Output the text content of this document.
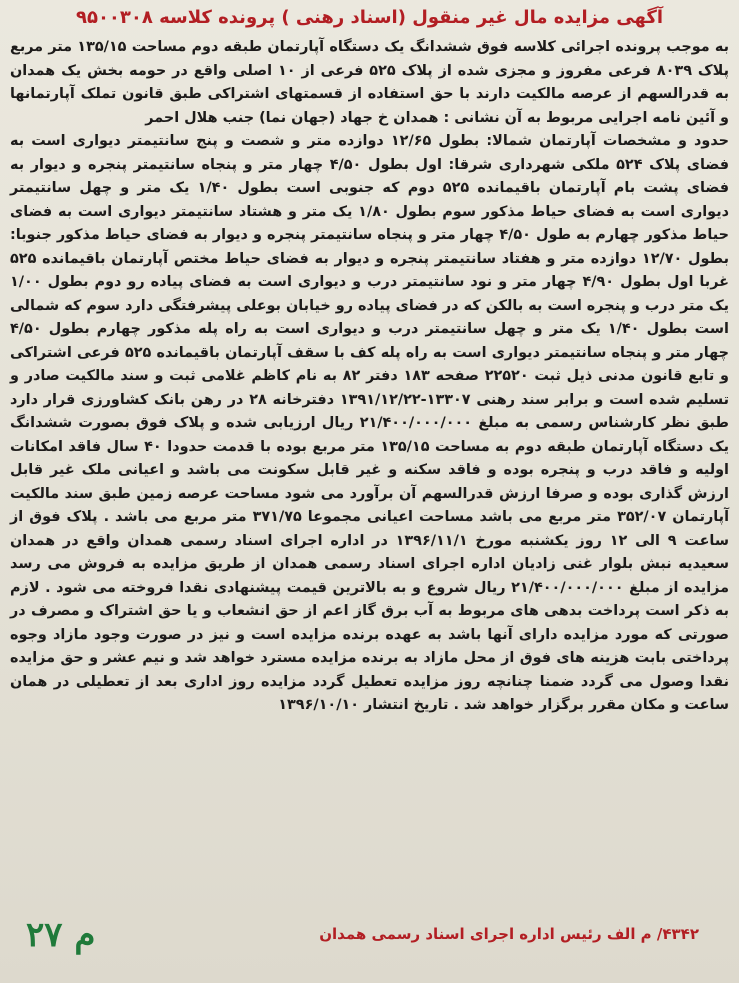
آگهی مزایده مال غیر منقول (اسناد رهنی ) پرونده کلاسه ۹۵۰۰۳۰۸

به موجب پرونده اجرائی کلاسه فوق ششدانگ یک دستگاه آپارتمان طبقه دوم مساحت ۱۳۵/۱۵ متر مربع پلاک ۸۰۳۹ فرعی مفروز و مجزی شده از پلاک ۵۲۵ فرعی از ۱۰ اصلی واقع در حومه بخش یک همدان به قدرالسهم از عرصه مالکیت دارند با حق استفاده از قسمتهای اشتراکی طبق قانون تملک آپارتمانها و آئین نامه اجرایی مربوط به آن نشانی : همدان خ جهاد (جهان نما) جنب هلال احمر

حدود و مشخصات آپارتمان شمالا: بطول ۱۲/۶۵ دوازده متر و شصت و پنج سانتیمتر دیواری است به فضای پلاک ۵۲۴ ملکی شهرداری شرقا: اول بطول ۴/۵۰ چهار متر و پنجاه سانتیمتر پنجره و دیوار به فضای پشت بام آپارتمان باقیمانده ۵۲۵ دوم که جنوبی است بطول ۱/۴۰ یک متر و چهل سانتیمتر دیواری است به فضای حیاط مذکور سوم بطول ۱/۸۰ یک متر و هشتاد سانتیمتر دیواری است به فضای حیاط مذکور چهارم به طول ۴/۵۰ چهار متر و پنجاه سانتیمتر پنجره و دیوار به فضای حیاط مذکور جنوبا: بطول ۱۲/۷۰ دوازده متر و هفتاد سانتیمتر پنجره و دیوار به فضای حیاط مختص آپارتمان باقیمانده ۵۲۵ غربا اول بطول ۴/۹۰ چهار متر و نود سانتیمتر درب و دیواری است به فضای پیاده رو دوم بطول ۱/۰۰ یک متر درب و پنجره است به بالکن که در فضای پیاده رو خیابان بوعلی پیشرفتگی دارد سوم که شمالی است بطول ۱/۴۰ یک متر و چهل سانتیمتر درب و دیواری است به راه پله مذکور چهارم بطول ۴/۵۰ چهار متر و پنجاه سانتیمتر دیواری است به راه پله کف با سقف آپارتمان باقیمانده ۵۲۵ فرعی اشتراکی و تابع قانون مدنی ذیل ثبت ۲۲۵۲۰ صفحه ۱۸۳ دفتر ۸۲ به نام کاظم غلامی ثبت و سند مالکیت صادر و تسلیم شده است و برابر سند رهنی ۱۳۳۰۷-۱۳۹۱/۱۲/۲۲ دفترخانه ۲۸ در رهن بانک کشاورزی قرار دارد طبق نظر کارشناس رسمی به مبلغ ۲۱/۴۰۰/۰۰۰/۰۰۰ ریال ارزیابی شده و پلاک فوق بصورت ششدانگ یک دستگاه آپارتمان طبقه دوم به مساحت ۱۳۵/۱۵ متر مربع بوده با قدمت حدودا ۴۰ سال فاقد امکانات اولیه و فاقد درب و پنجره بوده و فاقد سکنه و غیر قابل سکونت می باشد و اعیانی ملک غیر قابل ارزش گذاری بوده و صرفا ارزش قدرالسهم آن برآورد می شود مساحت عرصه زمین طبق سند مالکیت آپارتمان ۳۵۲/۰۷ متر مربع می باشد مساحت اعیانی مجموعا ۳۷۱/۷۵ متر مربع می باشد . پلاک فوق از ساعت ۹ الی ۱۲ روز یکشنبه مورخ ۱۳۹۶/۱۱/۱ در اداره اجرای اسناد رسمی همدان واقع در همدان سعیدیه نبش بلوار غنی زادیان اداره اجرای اسناد رسمی همدان از طریق مزایده به فروش می رسد مزایده از مبلغ ۲۱/۴۰۰/۰۰۰/۰۰۰ ریال شروع و به بالاترین قیمت پیشنهادی نقدا فروخته می شود . لازم به ذکر است پرداخت بدهی های مربوط به آب برق گاز اعم از حق انشعاب و یا حق اشتراک و مصرف در صورتی که مورد مزایده دارای آنها باشد به عهده برنده مزایده است و نیز در صورت وجود مازاد وجوه پرداختی بابت هزینه های فوق از محل مازاد به برنده مزایده مسترد خواهد شد و نیم عشر و حق مزایده نقدا وصول می گردد ضمنا چنانچه روز مزایده تعطیل گردد مزایده روز اداری بعد از تعطیلی در همان ساعت و مکان مقرر برگزار خواهد شد . تاریخ انتشار ۱۳۹۶/۱۰/۱۰

۴۳۴۲/ م الف رئیس اداره اجرای اسناد رسمی همدان
۲۷ م
